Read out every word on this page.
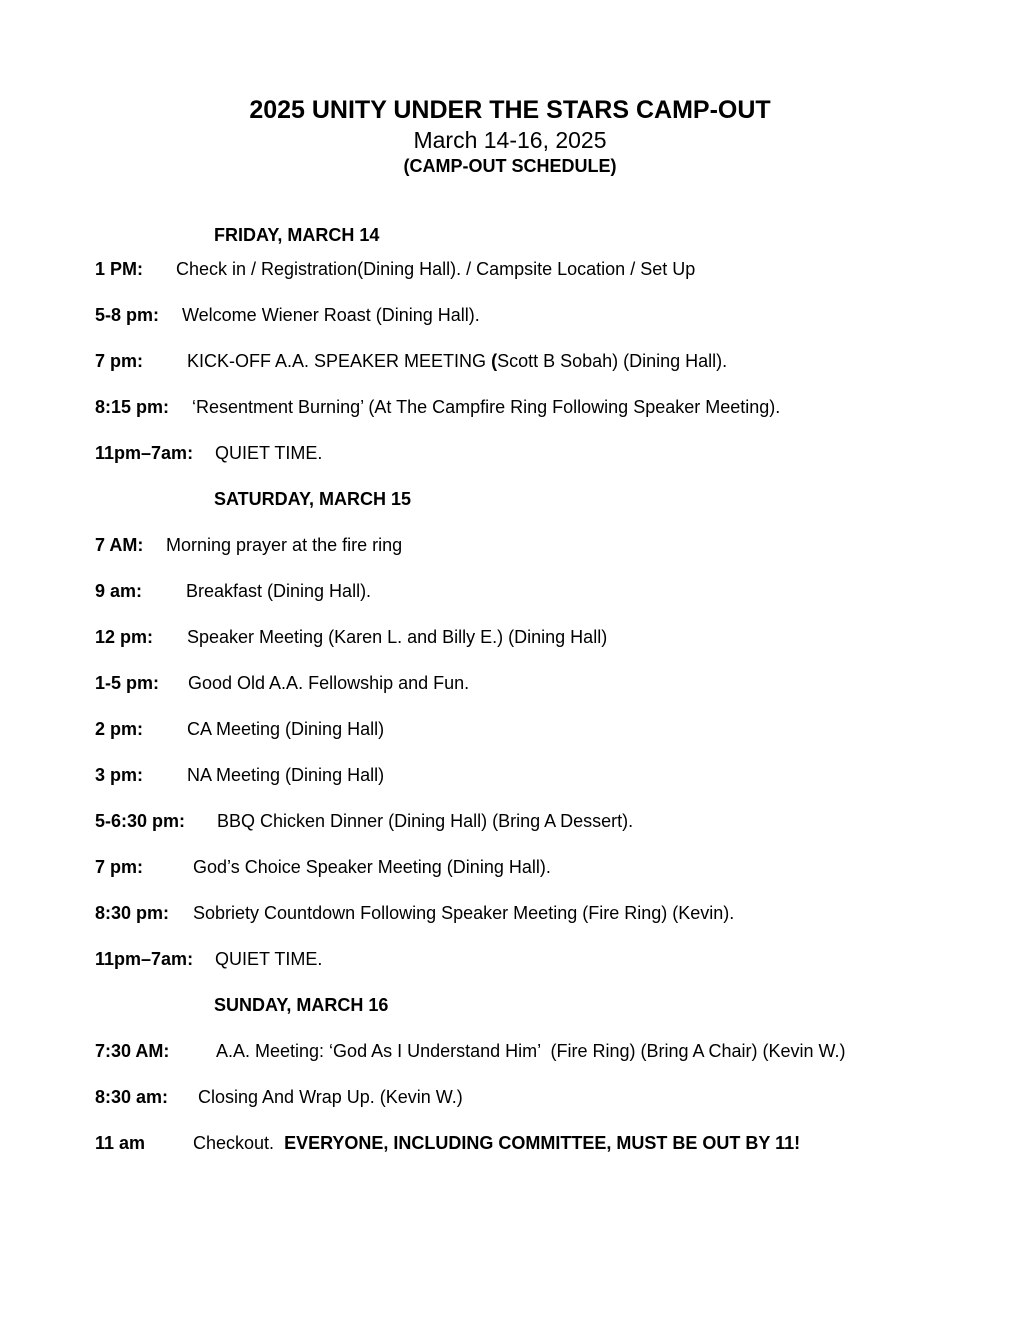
2025 UNITY UNDER THE STARS CAMP-OUT
March 14-16, 2025
(CAMP-OUT SCHEDULE)
FRIDAY, MARCH 14
1 PM: Check in / Registration(Dining Hall). / Campsite Location / Set Up
5-8 pm: Welcome Wiener Roast (Dining Hall).
7 pm: KICK-OFF A.A. SPEAKER MEETING (Scott B Sobah) (Dining Hall).
8:15 pm: ‘Resentment Burning’ (At The Campfire Ring Following Speaker Meeting).
11pm–7am: QUIET TIME.
SATURDAY, MARCH 15
7 AM: Morning prayer at the fire ring
9 am: Breakfast (Dining Hall).
12 pm: Speaker Meeting (Karen L. and Billy E.) (Dining Hall)
1-5 pm: Good Old A.A. Fellowship and Fun.
2 pm: CA Meeting (Dining Hall)
3 pm: NA Meeting (Dining Hall)
5-6:30 pm: BBQ Chicken Dinner (Dining Hall) (Bring A Dessert).
7 pm:	God’s Choice Speaker Meeting (Dining Hall).
8:30 pm: Sobriety Countdown Following Speaker Meeting (Fire Ring) (Kevin).
11pm–7am: QUIET TIME.
SUNDAY, MARCH 16
7:30 AM:	A.A. Meeting: ‘God As I Understand Him’  (Fire Ring) (Bring A Chair) (Kevin W.)
8:30 am: Closing And Wrap Up. (Kevin W.)
11 am	Checkout. EVERYONE, INCLUDING COMMITTEE, MUST BE OUT BY 11!
